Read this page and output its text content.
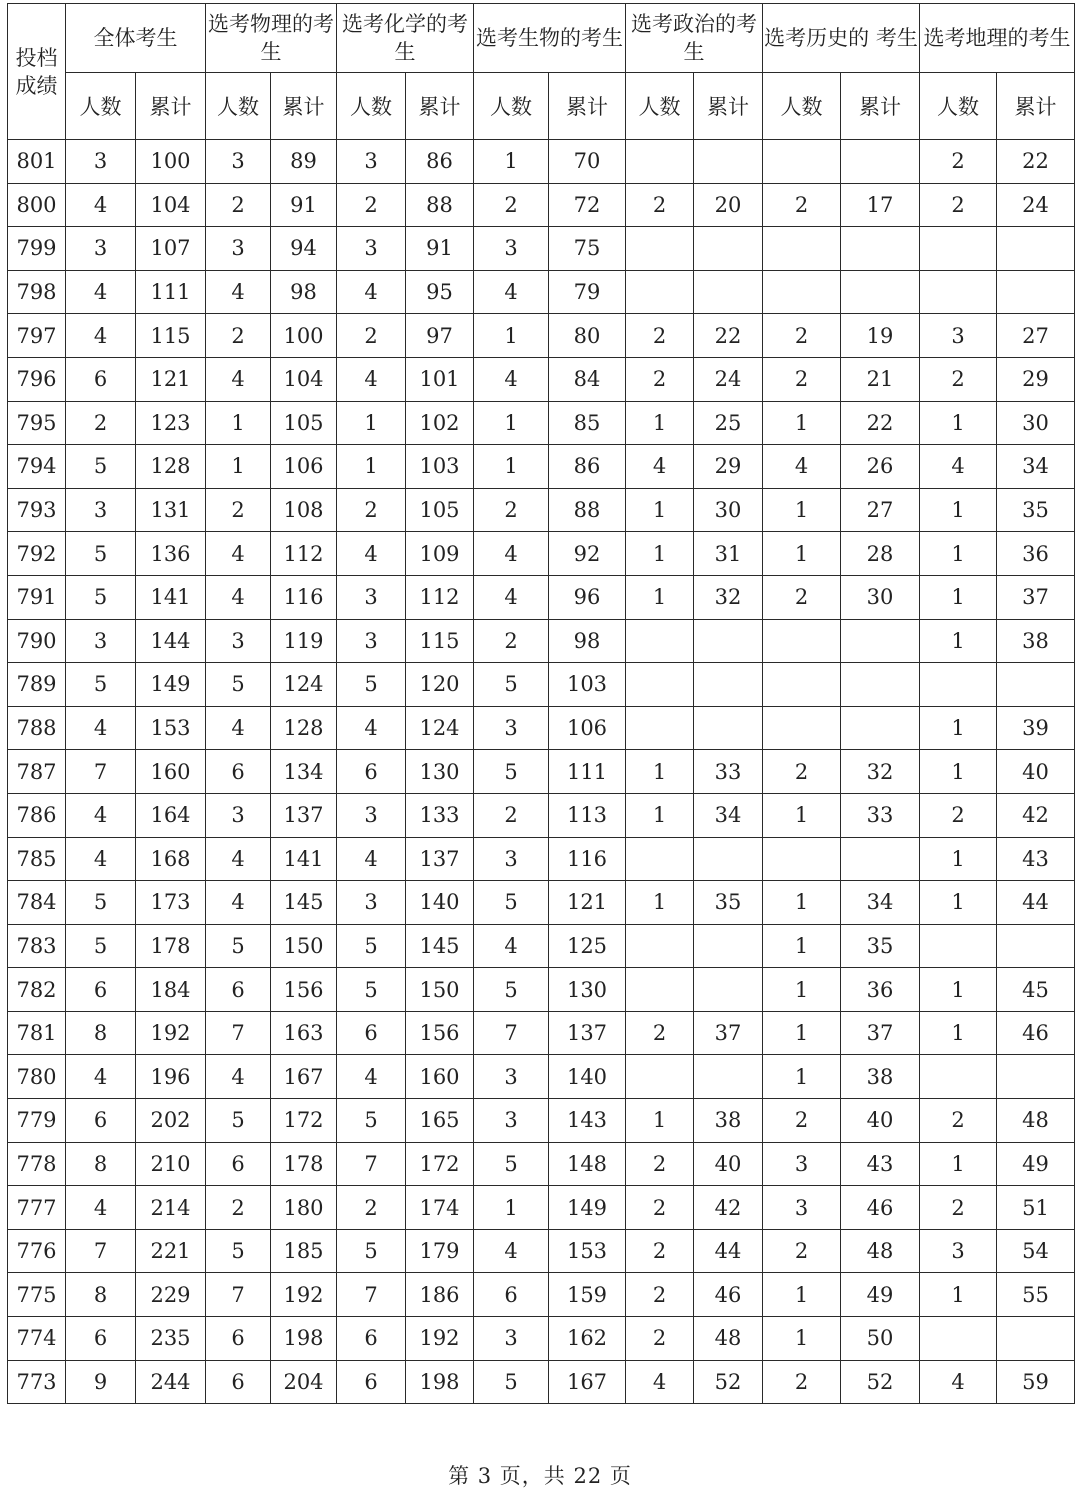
投档成绩	全体考生		选考物理的考生		选考化学的考生		选考生物的考生		选考政治的考生		选考历史的 考生		选考地理的考生	
	人数	累计	人数	累计	人数	累计	人数	累计	人数	累计	人数	累计	人数	累计
801	3	100	3	89	3	86	1	70					2	22
800	4	104	2	91	2	88	2	72	2	20	2	17	2	24
799	3	107	3	94	3	91	3	75						
798	4	111	4	98	4	95	4	79						
797	4	115	2	100	2	97	1	80	2	22	2	19	3	27
796	6	121	4	104	4	101	4	84	2	24	2	21	2	29
795	2	123	1	105	1	102	1	85	1	25	1	22	1	30
794	5	128	1	106	1	103	1	86	4	29	4	26	4	34
793	3	131	2	108	2	105	2	88	1	30	1	27	1	35
792	5	136	4	112	4	109	4	92	1	31	1	28	1	36
791	5	141	4	116	3	112	4	96	1	32	2	30	1	37
790	3	144	3	119	3	115	2	98					1	38
789	5	149	5	124	5	120	5	103						
788	4	153	4	128	4	124	3	106					1	39
787	7	160	6	134	6	130	5	111	1	33	2	32	1	40
786	4	164	3	137	3	133	2	113	1	34	1	33	2	42
785	4	168	4	141	4	137	3	116					1	43
784	5	173	4	145	3	140	5	121	1	35	1	34	1	44
783	5	178	5	150	5	145	4	125			1	35		
782	6	184	6	156	5	150	5	130			1	36	1	45
781	8	192	7	163	6	156	7	137	2	37	1	37	1	46
780	4	196	4	167	4	160	3	140			1	38		
779	6	202	5	172	5	165	3	143	1	38	2	40	2	48
778	8	210	6	178	7	172	5	148	2	40	3	43	1	49
777	4	214	2	180	2	174	1	149	2	42	3	46	2	51
776	7	221	5	185	5	179	4	153	2	44	2	48	3	54
775	8	229	7	192	7	186	6	159	2	46	1	49	1	55
774	6	235	6	198	6	192	3	162	2	48	1	50		
773	9	244	6	204	6	198	5	167	4	52	2	52	4	59
第 3 页，共 22 页
